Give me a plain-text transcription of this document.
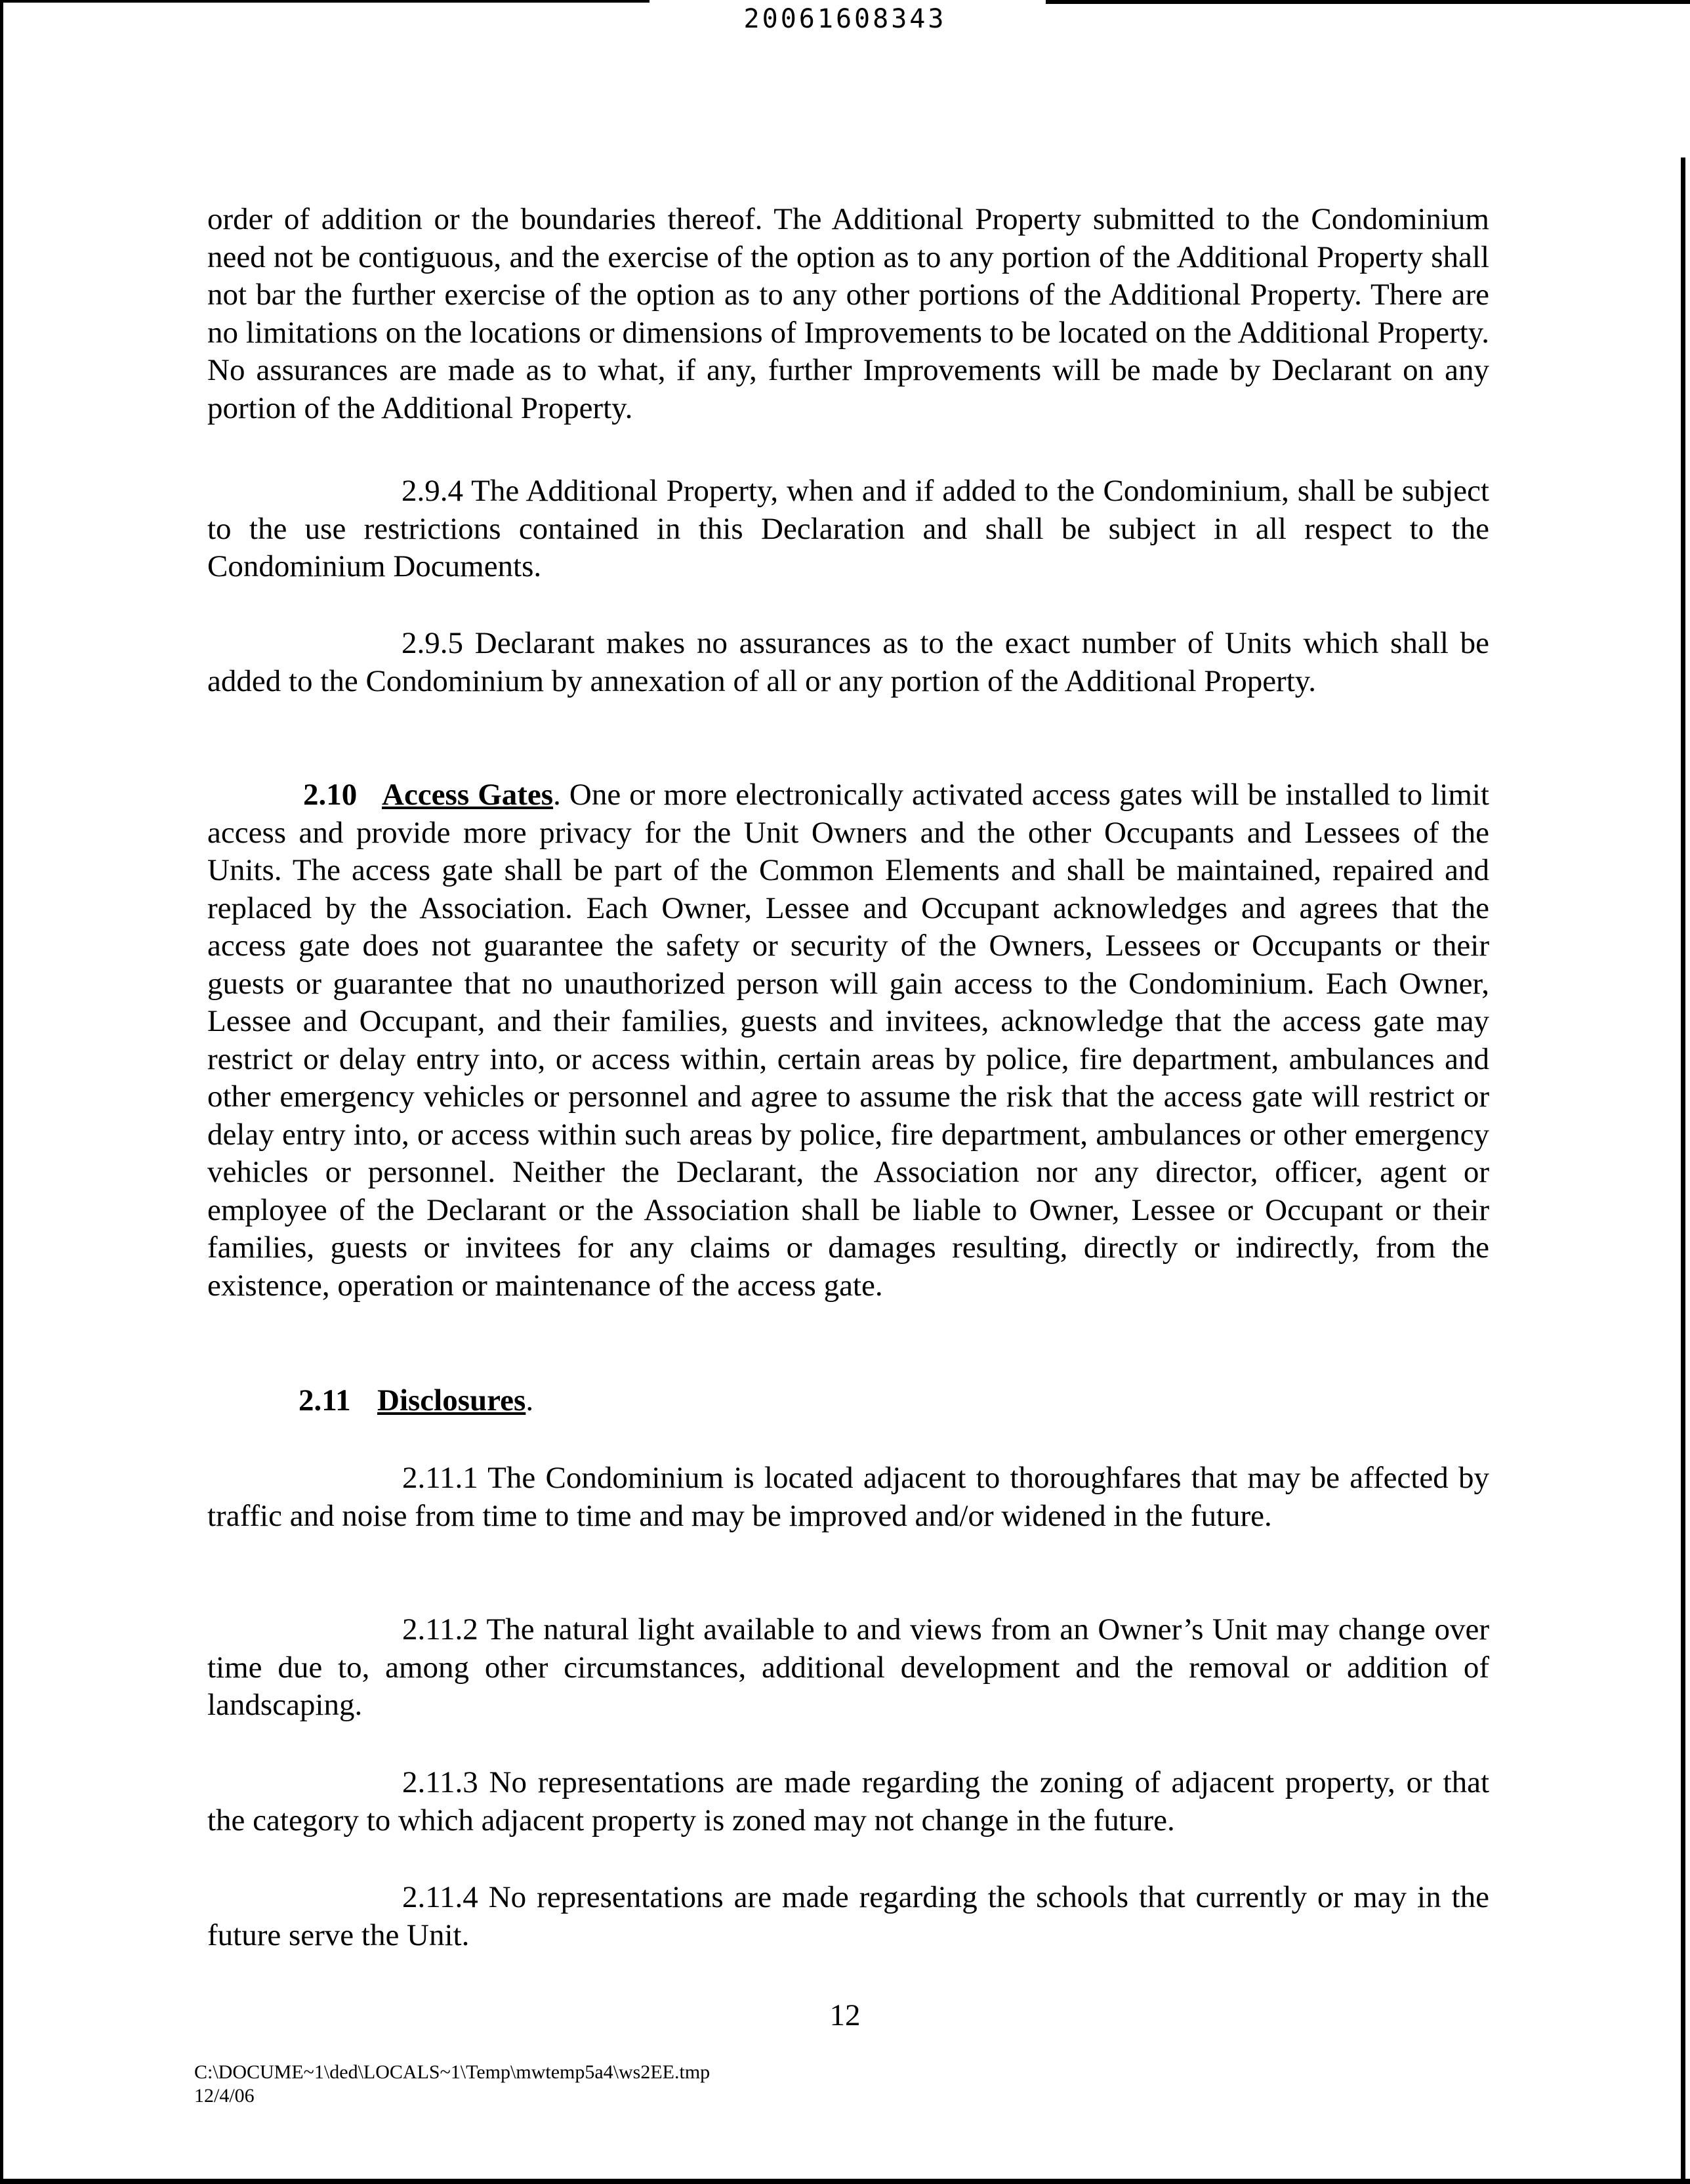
20061608343

order of addition or the boundaries thereof. The Additional Property submitted to the Condominium need not be contiguous, and the exercise of the option as to any portion of the Additional Property shall not bar the further exercise of the option as to any other portions of the Additional Property. There are no limitations on the locations or dimensions of Improvements to be located on the Additional Property. No assurances are made as to what, if any, further Improvements will be made by Declarant on any portion of the Additional Property.

2.9.4 The Additional Property, when and if added to the Condominium, shall be subject to the use restrictions contained in this Declaration and shall be subject in all respect to the Condominium Documents.

2.9.5 Declarant makes no assurances as to the exact number of Units which shall be added to the Condominium by annexation of all or any portion of the Additional Property.

2.10 Access Gates. One or more electronically activated access gates will be installed to limit access and provide more privacy for the Unit Owners and the other Occupants and Lessees of the Units. The access gate shall be part of the Common Elements and shall be maintained, repaired and replaced by the Association. Each Owner, Lessee and Occupant acknowledges and agrees that the access gate does not guarantee the safety or security of the Owners, Lessees or Occupants or their guests or guarantee that no unauthorized person will gain access to the Condominium. Each Owner, Lessee and Occupant, and their families, guests and invitees, acknowledge that the access gate may restrict or delay entry into, or access within, certain areas by police, fire department, ambulances and other emergency vehicles or personnel and agree to assume the risk that the access gate will restrict or delay entry into, or access within such areas by police, fire department, ambulances or other emergency vehicles or personnel. Neither the Declarant, the Association nor any director, officer, agent or employee of the Declarant or the Association shall be liable to Owner, Lessee or Occupant or their families, guests or invitees for any claims or damages resulting, directly or indirectly, from the existence, operation or maintenance of the access gate.

2.11 Disclosures.

2.11.1 The Condominium is located adjacent to thoroughfares that may be affected by traffic and noise from time to time and may be improved and/or widened in the future.

2.11.2 The natural light available to and views from an Owner’s Unit may change over time due to, among other circumstances, additional development and the removal or addition of landscaping.

2.11.3 No representations are made regarding the zoning of adjacent property, or that the category to which adjacent property is zoned may not change in the future.

2.11.4 No representations are made regarding the schools that currently or may in the future serve the Unit.

12
C:\DOCUME~1\ded\LOCALS~1\Temp\mwtemp5a4\ws2EE.tmp
12/4/06
